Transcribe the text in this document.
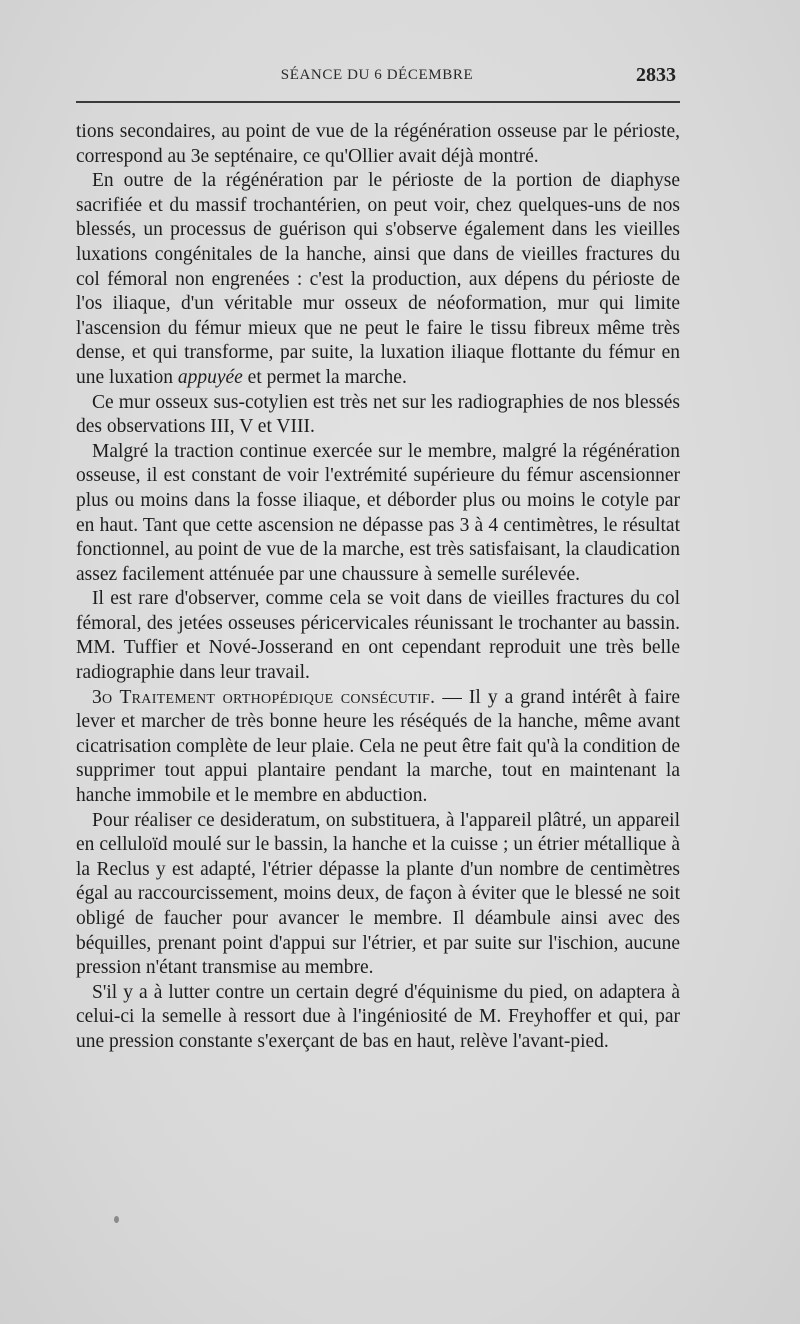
SÉANCE DU 6 DÉCEMBRE	2833

tions secondaires, au point de vue de la régénération osseuse par le périoste, correspond au 3e septénaire, ce qu'Ollier avait déjà montré.

En outre de la régénération par le périoste de la portion de diaphyse sacrifiée et du massif trochantérien, on peut voir, chez quelques-uns de nos blessés, un processus de guérison qui s'observe également dans les vieilles luxations congénitales de la hanche, ainsi que dans de vieilles fractures du col fémoral non engrenées : c'est la production, aux dépens du périoste de l'os iliaque, d'un véritable mur osseux de néoformation, mur qui limite l'ascension du fémur mieux que ne peut le faire le tissu fibreux même très dense, et qui transforme, par suite, la luxation iliaque flottante du fémur en une luxation appuyée et permet la marche.

Ce mur osseux sus-cotylien est très net sur les radiographies de nos blessés des observations III, V et VIII.

Malgré la traction continue exercée sur le membre, malgré la régénération osseuse, il est constant de voir l'extrémité supérieure du fémur ascensionner plus ou moins dans la fosse iliaque, et déborder plus ou moins le cotyle par en haut. Tant que cette ascension ne dépasse pas 3 à 4 centimètres, le résultat fonctionnel, au point de vue de la marche, est très satisfaisant, la claudication assez facilement atténuée par une chaussure à semelle surélevée.

Il est rare d'observer, comme cela se voit dans de vieilles fractures du col fémoral, des jetées osseuses péricervicales réunissant le trochanter au bassin. MM. Tuffier et Nové-Josserand en ont cependant reproduit une très belle radiographie dans leur travail.

3o Traitement orthopédique consécutif. — Il y a grand intérêt à faire lever et marcher de très bonne heure les réséqués de la hanche, même avant cicatrisation complète de leur plaie. Cela ne peut être fait qu'à la condition de supprimer tout appui plantaire pendant la marche, tout en maintenant la hanche immobile et le membre en abduction.

Pour réaliser ce desideratum, on substituera, à l'appareil plâtré, un appareil en celluloïd moulé sur le bassin, la hanche et la cuisse ; un étrier métallique à la Reclus y est adapté, l'étrier dépasse la plante d'un nombre de centimètres égal au raccourcissement, moins deux, de façon à éviter que le blessé ne soit obligé de faucher pour avancer le membre. Il déambule ainsi avec des béquilles, prenant point d'appui sur l'étrier, et par suite sur l'ischion, aucune pression n'étant transmise au membre.

S'il y a à lutter contre un certain degré d'équinisme du pied, on adaptera à celui-ci la semelle à ressort due à l'ingéniosité de M. Freyhoffer et qui, par une pression constante s'exerçant de bas en haut, relève l'avant-pied.
